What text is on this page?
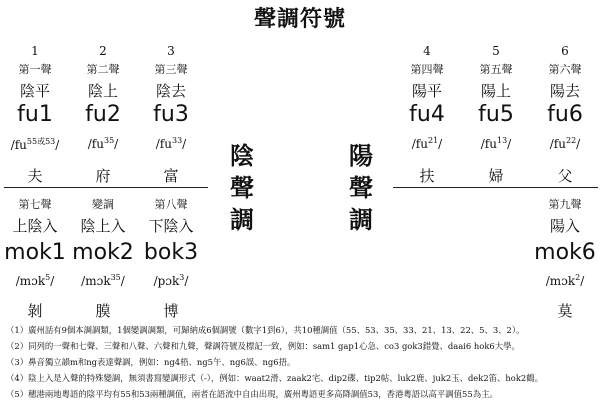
聲調符號
1
第一聲
陰平
fu1
$/fu^{55或53}/$
夫
2
第二聲
陰上
fu2
$/fu^{35}/$
府
3
第三聲
陰去
fu3
$/fu^{33}/$
富
4
第四聲
陽平
fu4
$/fu^{21}/$
扶
5
第五聲
陽上
fu5
$/fu^{13}/$
婦
6
第六聲
陽去
fu6
$/fu^{22}/$
父
第七聲
上陰入
mok1
/mɔk$^5$/
剝
變調
陰上入
mok2
/mɔk$^{35}$/
膜
第八聲
下陰入
bok3
/pɔk$^3$/
博
第九聲
陽入
mok6
/mɔk$^2$/
莫
陰
聲
調
陽
聲
調
（1）廣州話有9個本調調類，1個變調調類，可歸納成6個調號（數字1到6），共10種調值（55、53、35、33、21、13、22、5、3、2）。
（2）同列的一聲和七聲、三聲和八聲、六聲和九聲，聲調符號及標記一致，例如：sam1 gap1心急、co3 gok3錯覺、daai6 hok6大學。
（3）鼻音獨立韻m和ng表達聲調，例如：ng4梧、ng5午、ng6誤、ng6捂。
（4）陰上入是入聲的特殊變調，無須書寫變調形式（-），例如：waat2滑、zaak2宅、dip2碟、tip2帖、luk2鹿、juk2玉、dek2笛、hok2鶴。
（5）穗港兩地粵語的陰平均有55和53兩種調值，兩者在語流中自由出現，廣州粵語更多高降調值53，香港粵語以高平調值55為主。
